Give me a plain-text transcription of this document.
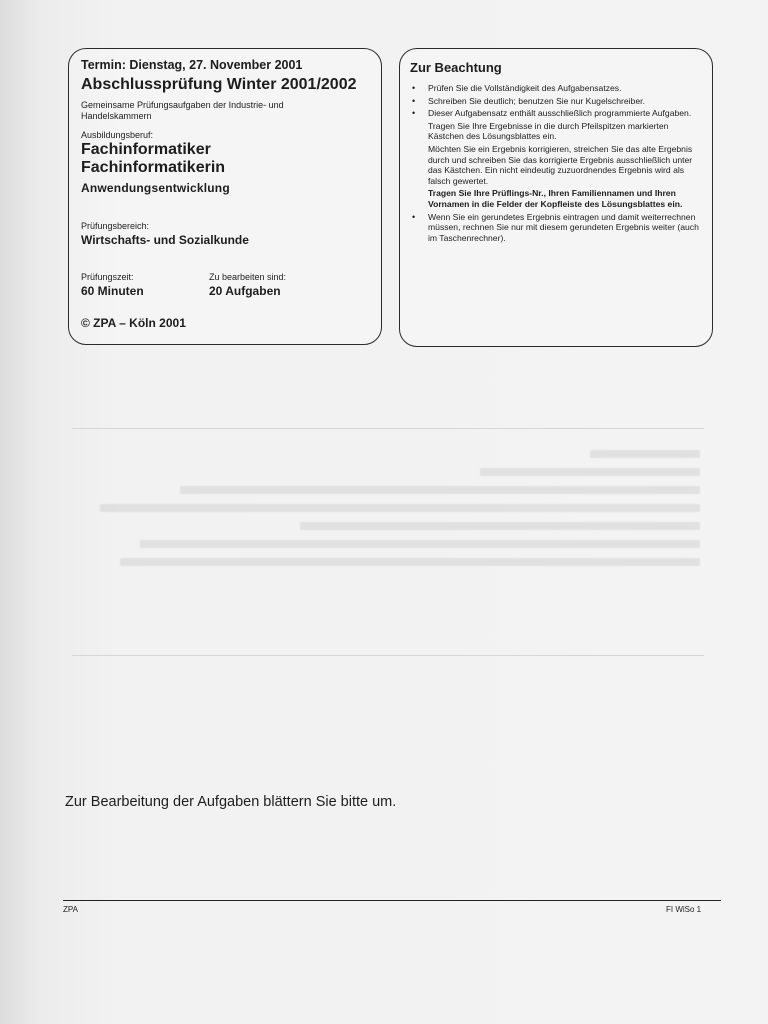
Termin: Dienstag, 27. November 2001
Abschlussprüfung Winter 2001/2002
Gemeinsame Prüfungsaufgaben der Industrie- und Handelskammern
Ausbildungsberuf:
Fachinformatiker
Fachinformatikerin
Anwendungsentwicklung
Prüfungsbereich:
Wirtschafts- und Sozialkunde
Prüfungszeit:
60 Minuten
Zu bearbeiten sind:
20 Aufgaben
© ZPA – Köln 2001
Zur Beachtung
• Prüfen Sie die Vollständigkeit des Aufgabensatzes.
• Schreiben Sie deutlich; benutzen Sie nur Kugelschreiber.
• Dieser Aufgabensatz enthält ausschließlich programmierte Aufgaben.
Tragen Sie Ihre Ergebnisse in die durch Pfeilspitzen markierten Kästchen des Lösungsblattes ein.
Möchten Sie ein Ergebnis korrigieren, streichen Sie das alte Ergebnis durch und schreiben Sie das korrigierte Ergebnis ausschließlich unter das Kästchen. Ein nicht eindeutig zuzuordnendes Ergebnis wird als falsch gewertet.
Tragen Sie Ihre Prüflings-Nr., Ihren Familiennamen und Ihren Vornamen in die Felder der Kopfleiste des Lösungsblattes ein.
• Wenn Sie ein gerundetes Ergebnis eintragen und damit weiterrechnen müssen, rechnen Sie nur mit diesem gerundeten Ergebnis weiter (auch im Taschenrechner).
Zur Bearbeitung der Aufgaben blättern Sie bitte um.
ZPA	FI WiSo 1
